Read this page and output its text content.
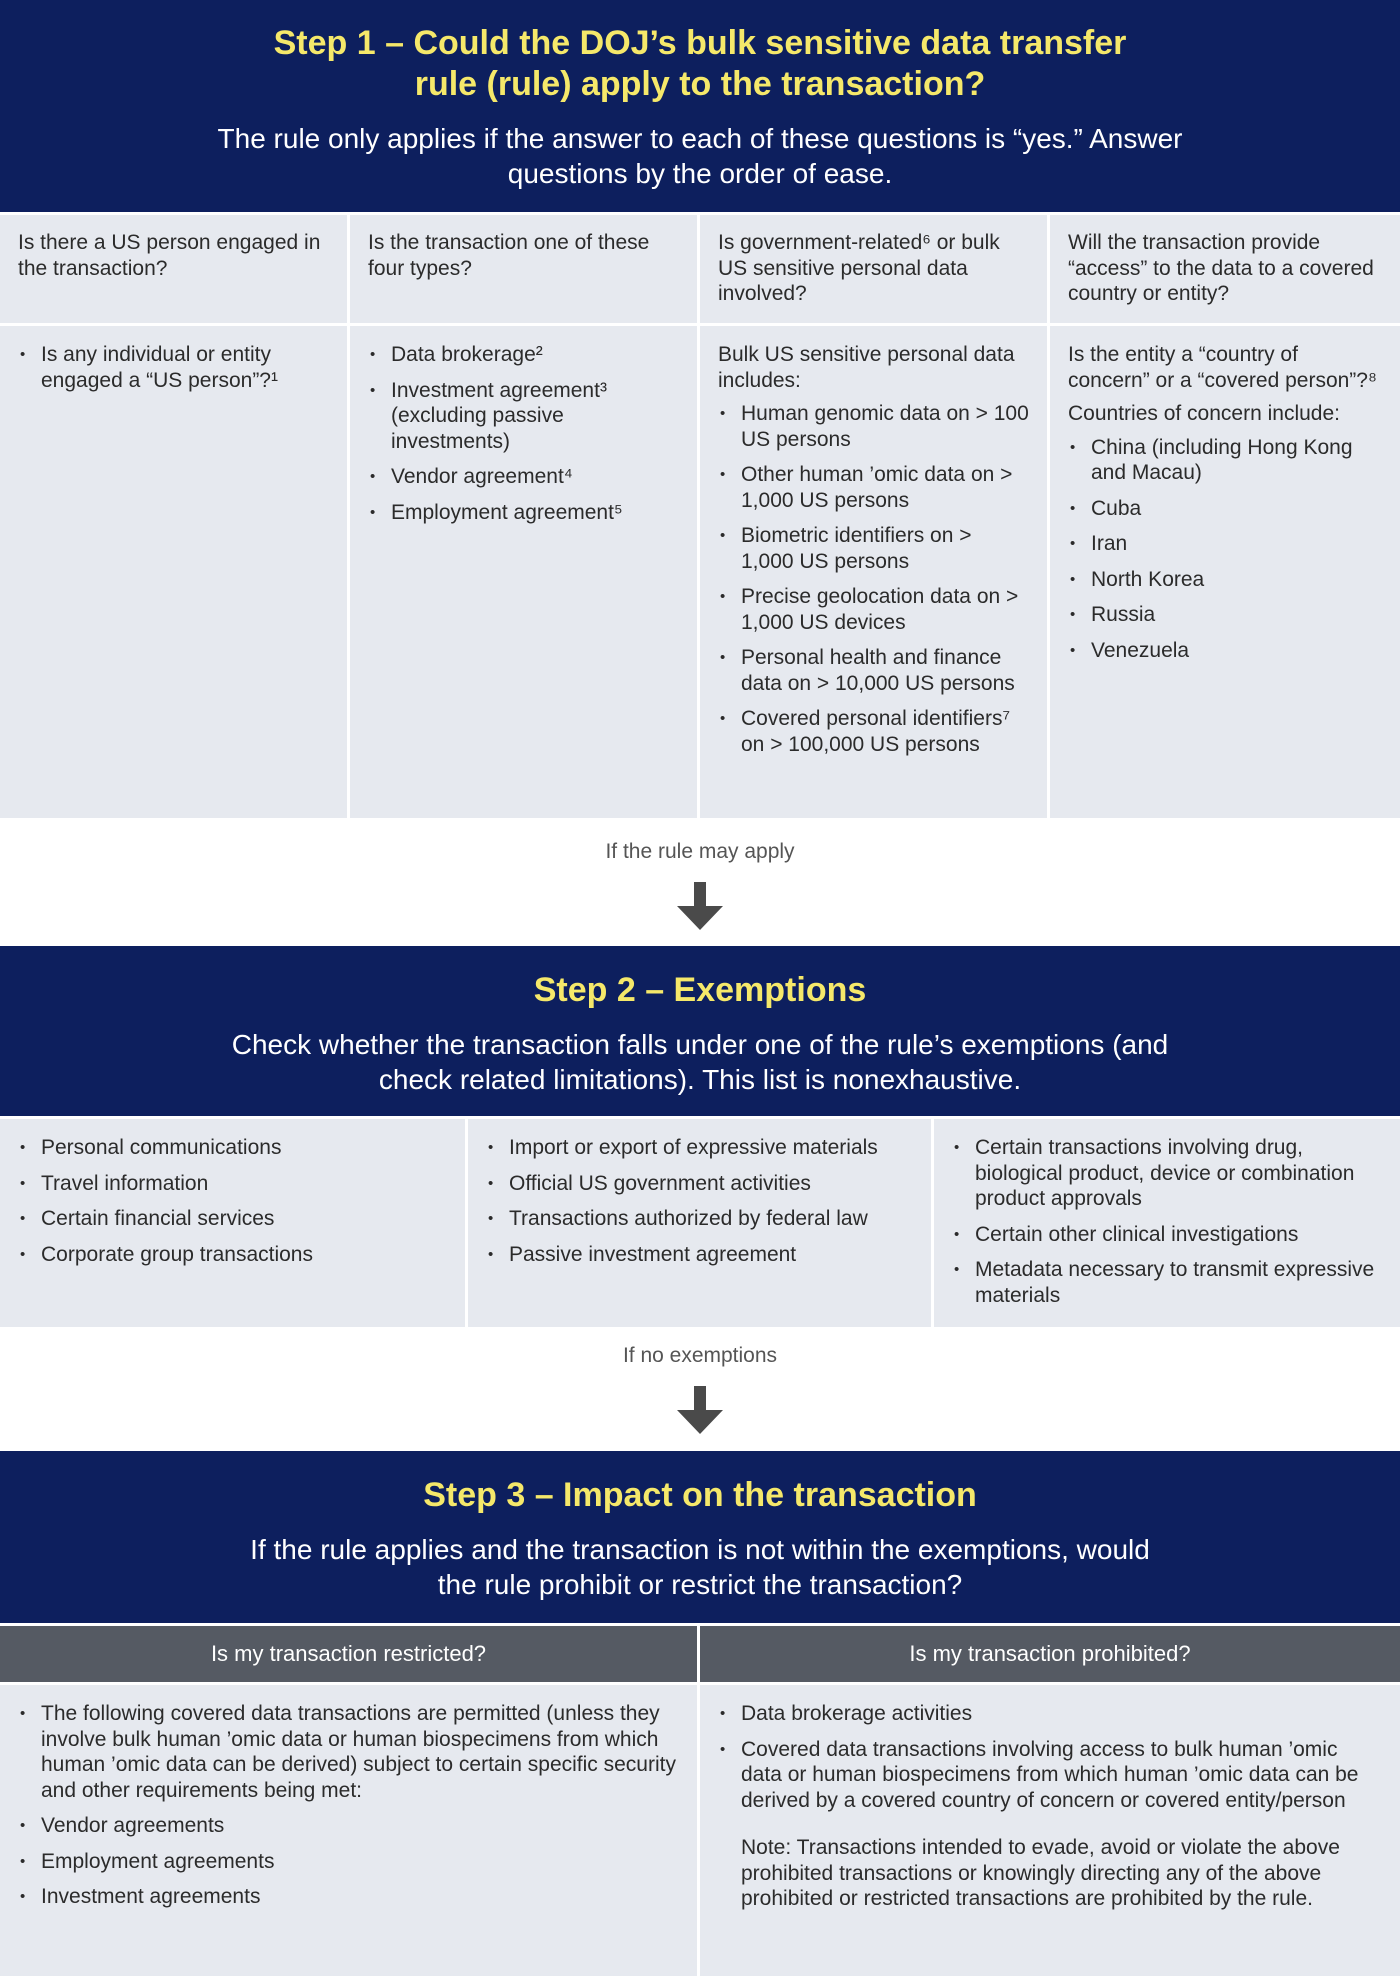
Step 1 – Could the DOJ’s bulk sensitive data transfer rule (rule) apply to the transaction?
The rule only applies if the answer to each of these questions is “yes.” Answer questions by the order of ease.
Is there a US person engaged in the transaction?
Is the transaction one of these four types?
Is government-related⁶ or bulk US sensitive personal data involved?
Will the transaction provide “access” to the data to a covered country or entity?
• Is any individual or entity engaged a “US person”?¹
• Data brokerage²
• Investment agreement³ (excluding passive investments)
• Vendor agreement⁴
• Employment agreement⁵

Bulk US sensitive personal data includes:

• Human genomic data on > 100 US persons
• Other human ’omic data on > 1,000 US persons
• Biometric identifiers on > 1,000 US persons
• Precise geolocation data on > 1,000 US devices
• Personal health and finance data on > 10,000 US persons
• Covered personal identifiers⁷ on > 100,000 US persons

Is the entity a “country of concern” or a “covered person”?⁸

Countries of concern include:

• China (including Hong Kong and Macau)
• Cuba
• Iran
• North Korea
• Russia
• Venezuela
If the rule may apply
Step 2 – Exemptions
Check whether the transaction falls under one of the rule’s exemptions (and check related limitations). This list is nonexhaustive.
• Personal communications
• Travel information
• Certain financial services
• Corporate group transactions
• Import or export of expressive materials
• Official US government activities
• Transactions authorized by federal law
• Passive investment agreement
• Certain transactions involving drug, biological product, device or combination product approvals
• Certain other clinical investigations
• Metadata necessary to transmit expressive materials
If no exemptions
Step 3 – Impact on the transaction
If the rule applies and the transaction is not within the exemptions, would the rule prohibit or restrict the transaction?
Is my transaction restricted?	Is my transaction prohibited?
• The following covered data transactions are permitted (unless they involve bulk human ’omic data or human biospecimens from which human ’omic data can be derived) subject to certain specific security and other requirements being met:
• Vendor agreements
• Employment agreements
• Investment agreements
• Data brokerage activities
• Covered data transactions involving access to bulk human ’omic data or human biospecimens from which human ’omic data can be derived by a covered country of concern or covered entity/person
Note: Transactions intended to evade, avoid or violate the above prohibited transactions or knowingly directing any of the above prohibited or restricted transactions are prohibited by the rule.
